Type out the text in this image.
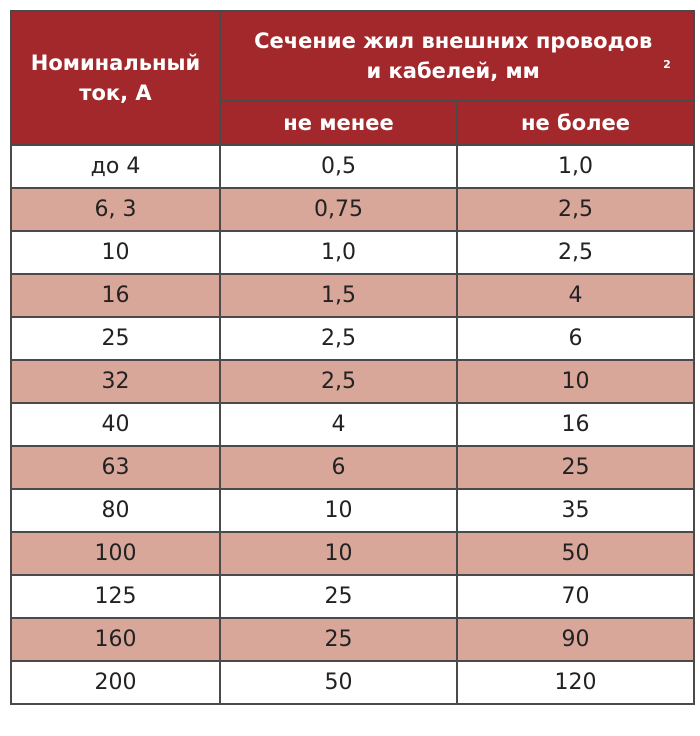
Номинальный ток, А	Сечение жил внешних проводов и кабелей, мм $^2$
	не менее	не более
до 4	0,5	1,0
6, 3	0,75	2,5
10	1,0	2,5
16	1,5	4
25	2,5	6
32	2,5	10
40	4	16
63	6	25
80	10	35
100	10	50
125	25	70
160	25	90
200	50	120
